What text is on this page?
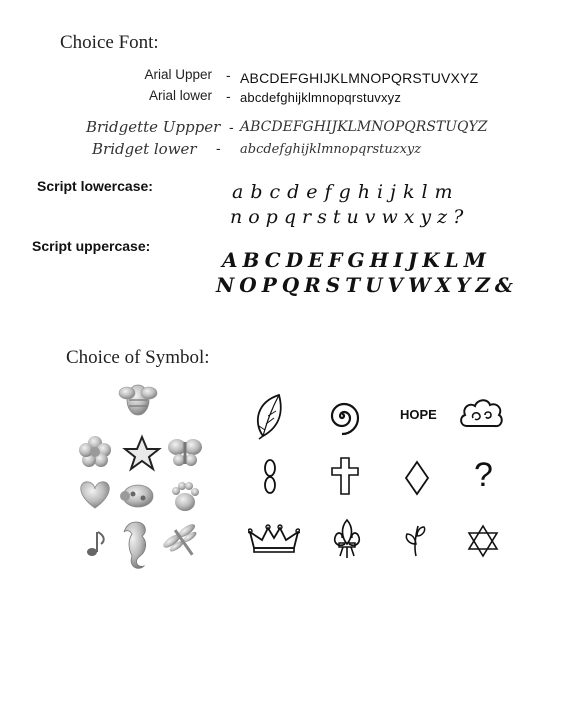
Choice Font:
Arial Upper - ABCDEFGHIJKLMNOPQRSTUVXYZ
Arial lower - abcdefghijklmnopqrstuvxyz
Bridgette Uppper - ABCDEFGHIJKLMNOPQRSTUQYZ
Bridget lower - abcdefghijklmnopqrstuzxyz
Script lowercase:	abcdefghijklm
nopqrstuvwxyz?
Script uppercase:
ABCDEFGHIJKLM
NOPQRSTUVWXYZ&
Choice of Symbol:
HOPE
?
